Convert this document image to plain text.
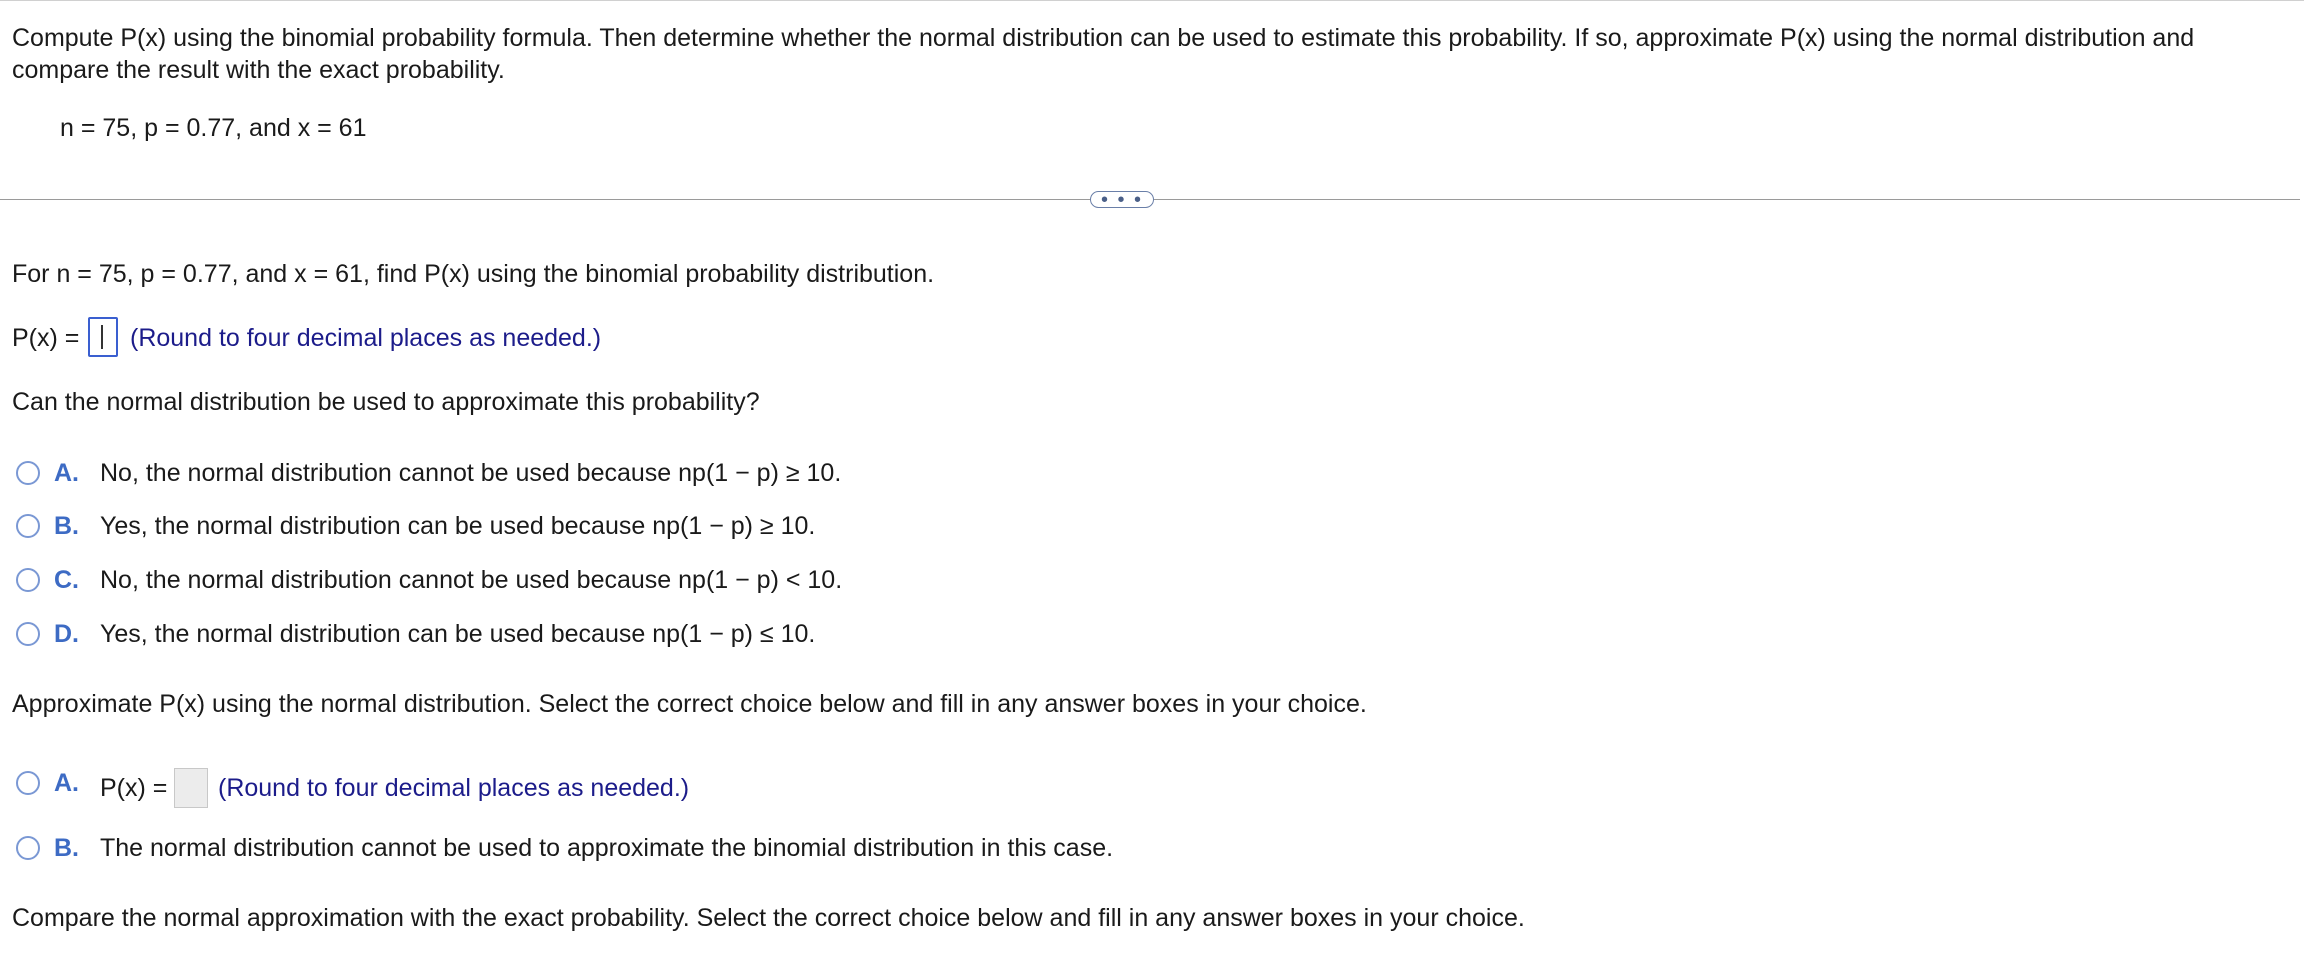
Compute P(x) using the binomial probability formula. Then determine whether the normal distribution can be used to estimate this probability. If so, approximate P(x) using the normal distribution and compare the result with the exact probability.
n = 75, p = 0.77, and x = 61
• • •
For n = 75, p = 0.77, and x = 61, find P(x) using the binomial probability distribution.
P(x) = (Round to four decimal places as needed.)
Can the normal distribution be used to approximate this probability?
A. No, the normal distribution cannot be used because np(1 − p) ≥ 10.
B. Yes, the normal distribution can be used because np(1 − p) ≥ 10.
C. No, the normal distribution cannot be used because np(1 − p) < 10.
D. Yes, the normal distribution can be used because np(1 − p) ≤ 10.
Approximate P(x) using the normal distribution. Select the correct choice below and fill in any answer boxes in your choice.
A. P(x) = (Round to four decimal places as needed.)
B. The normal distribution cannot be used to approximate the binomial distribution in this case.
Compare the normal approximation with the exact probability. Select the correct choice below and fill in any answer boxes in your choice.
